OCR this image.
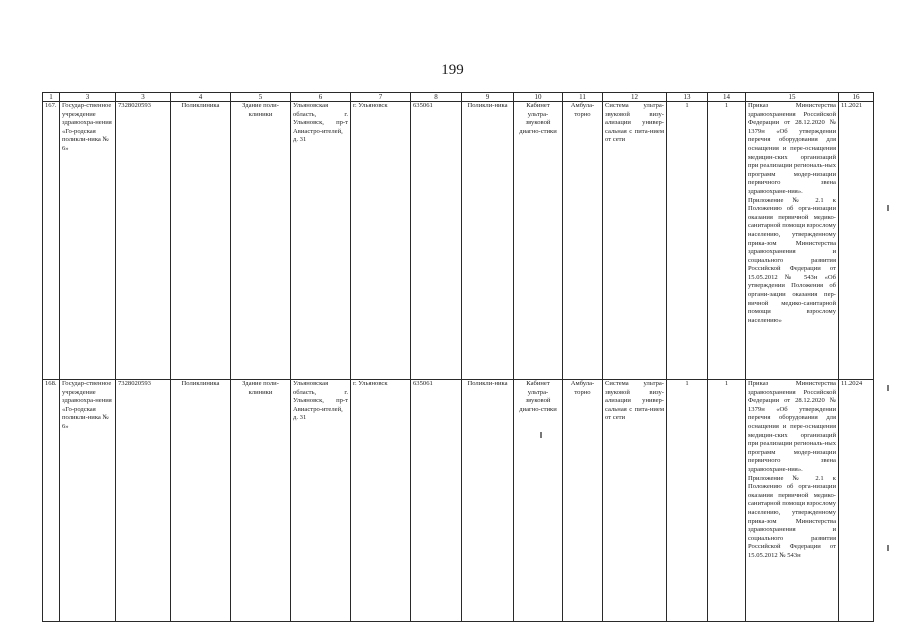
199
1	3	3	4	5	6	7	8	9	10	11	12	13	14	15	16
167.	Государ-ственное учреждение здравоохра-нения «Го-родская поликли-ника № 6»	7328020593	Поликлиника	Здание поли-клиники	Ульяновская область, г. Ульяновск, пр-т Авиастро-ителей, д. 31	г. Ульяновск	635061	Поликли-ника	Кабинет ультра-звуковой диагно-стики	Амбула-торно	Система ультра-звуковой визу-ализации универ-сальная с пита-нием от сети	1	1	Приказ Министерства здравоохранения Российской Федерации от 28.12.2020 № 1379н «Об утверждении перечня оборудования для оснащения и пере-оснащения медицин-ских организаций при реализации региональ-ных программ модер-низации первичного звена здравоохране-ния». Приложение № 2.1 к Положению об орга-низации оказания первичной медико-санитарной помощи взрослому населению, утвержденному прика-зом Министерства здравоохранения и социального развития Российской Федерации от 15.05.2012 № 543н «Об утверждении Положения об органи-зации оказания пер-вичной медико-санитарной помощи взрослому населению»	11.2021
168.	Государ-ственное учреждение здравоохра-нения «Го-родская поликли-ника № 6»	7328020593	Поликлиника	Здание поли-клиники	Ульяновская область, г. Ульяновск, пр-т Авиастро-ителей, д. 31	г. Ульяновск	635061	Поликли-ника	Кабинет ультра-звуковой диагно-стики	Амбула-торно	Система ультра-звуковой визу-ализации универ-сальная с пита-нием от сети	1	1	Приказ Министерства здравоохранения Российской Федерации от 28.12.2020 № 1379н «Об утверждении перечня оборудования для оснащения и пере-оснащения медицин-ских организаций при реализации региональ-ных программ модер-низации первичного звена здравоохране-ния». Приложение № 2.1 к Положению об орга-низации оказания первичной медико-санитарной помощи взрослому населению, утвержденному прика-зом Министерства здравоохранения и социального развития Российской Федерации от 15.05.2012 № 543н	11.2024
